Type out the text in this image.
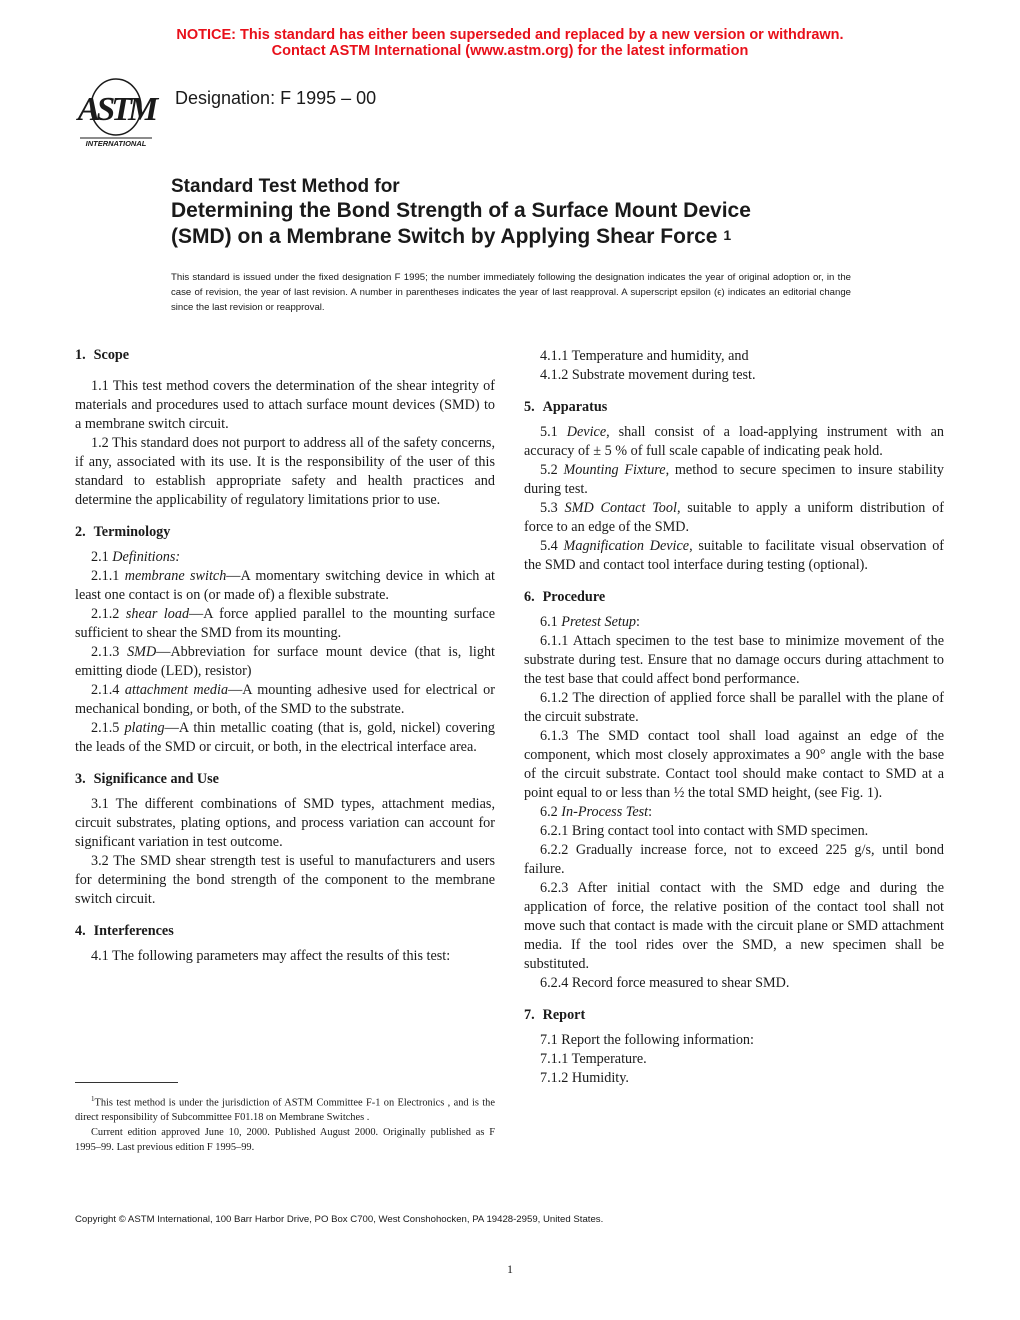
NOTICE: This standard has either been superseded and replaced by a new version or withdrawn.
Contact ASTM International (www.astm.org) for the latest information
ASTM
INTERNATIONAL
Designation: F 1995 – 00
Standard Test Method for
Determining the Bond Strength of a Surface Mount Device
(SMD) on a Membrane Switch by Applying Shear Force $^1$
This standard is issued under the fixed designation F 1995; the number immediately following the designation indicates the year of original adoption or, in the case of revision, the year of last revision. A number in parentheses indicates the year of last reapproval. A superscript epsilon (ϵ) indicates an editorial change since the last revision or reapproval.
1. Scope

1.1 This test method covers the determination of the shear integrity of materials and procedures used to attach surface mount devices (SMD) to a membrane switch circuit.

1.2 This standard does not purport to address all of the safety concerns, if any, associated with its use. It is the responsibility of the user of this standard to establish appropriate safety and health practices and determine the applicability of regulatory limitations prior to use.

2. Terminology

2.1 Definitions:

2.1.1 membrane switch—A momentary switching device in which at least one contact is on (or made of) a flexible substrate.

2.1.2 shear load—A force applied parallel to the mounting surface sufficient to shear the SMD from its mounting.

2.1.3 SMD—Abbreviation for surface mount device (that is, light emitting diode (LED), resistor)

2.1.4 attachment media—A mounting adhesive used for electrical or mechanical bonding, or both, of the SMD to the substrate.

2.1.5 plating—A thin metallic coating (that is, gold, nickel) covering the leads of the SMD or circuit, or both, in the electrical interface area.

3. Significance and Use

3.1 The different combinations of SMD types, attachment medias, circuit substrates, plating options, and process variation can account for significant variation in test outcome.

3.2 The SMD shear strength test is useful to manufacturers and users for determining the bond strength of the component to the membrane switch circuit.

4. Interferences

4.1 The following parameters may affect the results of this test:

4.1.1 Temperature and humidity, and

4.1.2 Substrate movement during test.

5. Apparatus

5.1 Device, shall consist of a load-applying instrument with an accuracy of ± 5 % of full scale capable of indicating peak hold.

5.2 Mounting Fixture, method to secure specimen to insure stability during test.

5.3 SMD Contact Tool, suitable to apply a uniform distribution of force to an edge of the SMD.

5.4 Magnification Device, suitable to facilitate visual observation of the SMD and contact tool interface during testing (optional).

6. Procedure

6.1 Pretest Setup:

6.1.1 Attach specimen to the test base to minimize movement of the substrate during test. Ensure that no damage occurs during attachment to the test base that could affect bond performance.

6.1.2 The direction of applied force shall be parallel with the plane of the circuit substrate.

6.1.3 The SMD contact tool shall load against an edge of the component, which most closely approximates a 90° angle with the base of the circuit substrate. Contact tool should make contact to SMD at a point equal to or less than ½ the total SMD height, (see Fig. 1).

6.2 In-Process Test:

6.2.1 Bring contact tool into contact with SMD specimen.

6.2.2 Gradually increase force, not to exceed 225 g/s, until bond failure.

6.2.3 After initial contact with the SMD edge and during the application of force, the relative position of the contact tool shall not move such that contact is made with the circuit plane or SMD attachment media. If the tool rides over the SMD, a new specimen shall be substituted.

6.2.4 Record force measured to shear SMD.

7. Report

7.1 Report the following information:

7.1.1 Temperature.

7.1.2 Humidity.

$^1$This test method is under the jurisdiction of ASTM Committee F-1 on Electronics , and is the direct responsibility of Subcommittee F01.18 on Membrane Switches .

Current edition approved June 10, 2000. Published August 2000. Originally published as F 1995–99. Last previous edition F 1995–99.

Copyright © ASTM International, 100 Barr Harbor Drive, PO Box C700, West Conshohocken, PA 19428-2959, United States.
1
